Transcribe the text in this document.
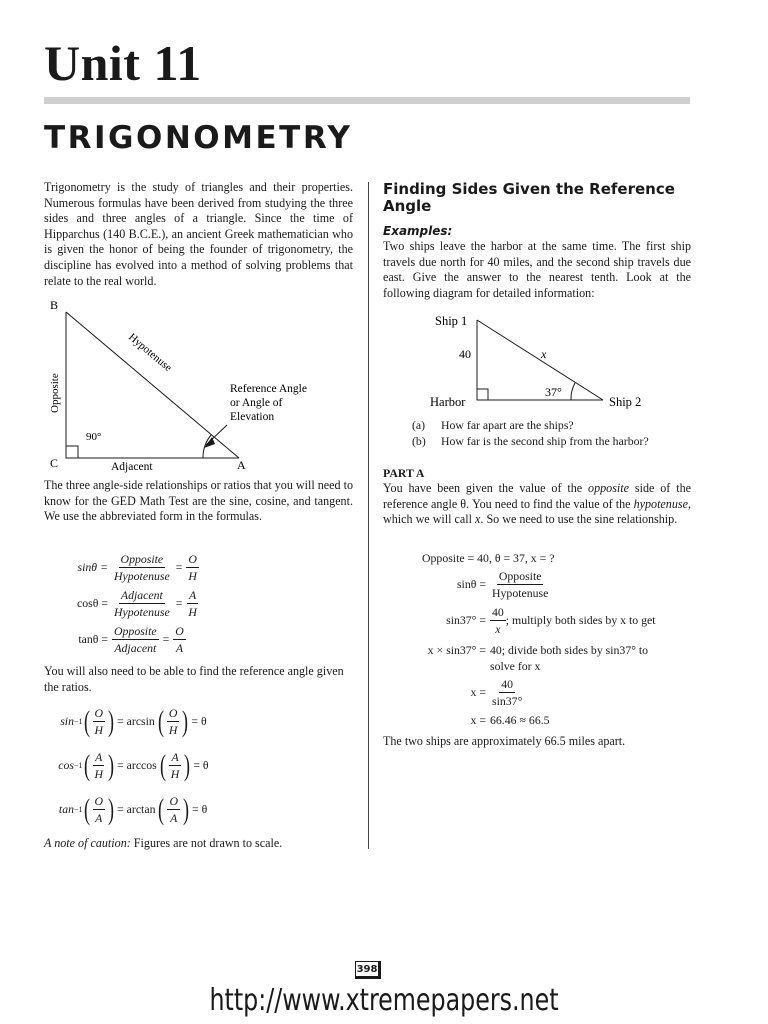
Unit 11
TRIGONOMETRY

Trigonometry is the study of triangles and their properties. Numerous formulas have been derived from studying the three sides and three angles of a triangle. Since the time of Hipparchus (140 B.C.E.), an ancient Greek mathematician who is given the honor of being the founder of trigonometry, the discipline has evolved into a method of solving problems that relate to the real world.

B
C	A
Opposite
Hypotenuse
Adjacent
90°
Reference Angle
or Angle of
Elevation

The three angle-side relationships or ratios that you will need to know for the GED Math Test are the sine, cosine, and tangent. We use the abbreviated form in the formulas.

$\sin\theta = \frac{\text{Opposite}}{\text{Hypotenuse}} = \frac{O}{H}$
$\cos\theta = \frac{\text{Adjacent}}{\text{Hypotenuse}} = \frac{A}{H}$
$\tan\theta = \frac{\text{Opposite}}{\text{Adjacent}} = \frac{O}{A}$

You will also need to be able to find the reference angle given the ratios.

sin −1 ( $\frac{O}{H}$ ) = arcsin ( $\frac{O}{H}$ ) = θ
cos −1 ( $\frac{A}{H}$ ) = arccos ( $\frac{A}{H}$ ) = θ
tan −1 ( $\frac{O}{A}$ ) = arctan ( $\frac{O}{A}$ ) = θ

A note of caution: Figures are not drawn to scale.

Finding Sides Given the Reference Angle

Examples:

Two ships leave the harbor at the same time. The first ship travels due north for 40 miles, and the second ship travels due east. Give the answer to the nearest tenth. Look at the following diagram for detailed information:

Ship 1
40	x
37°
Harbor	Ship 2
(a)	How far apart are the ships?
(b)	How far is the second ship from the harbor?

PART A

You have been given the value of the opposite side of the reference angle θ. You need to find the value of the hypotenuse, which we will call x. So we need to use the sine relationship.

Opposite = 40, θ = 37, x = ?
$\sin\theta = \frac{\text{Opposite}}{\text{Hypotenuse}}$
$\sin 37^\circ = \frac{40}{x}$ ; multiply both sides by x to get
x × sin37° = 40; divide both sides by sin37° to
solve for x
$x = \frac{40}{\sin 37^\circ}$
x = 66.46 ≈ 66.5

The two ships are approximately 66.5 miles apart.

398
http://www.xtremepapers.net
